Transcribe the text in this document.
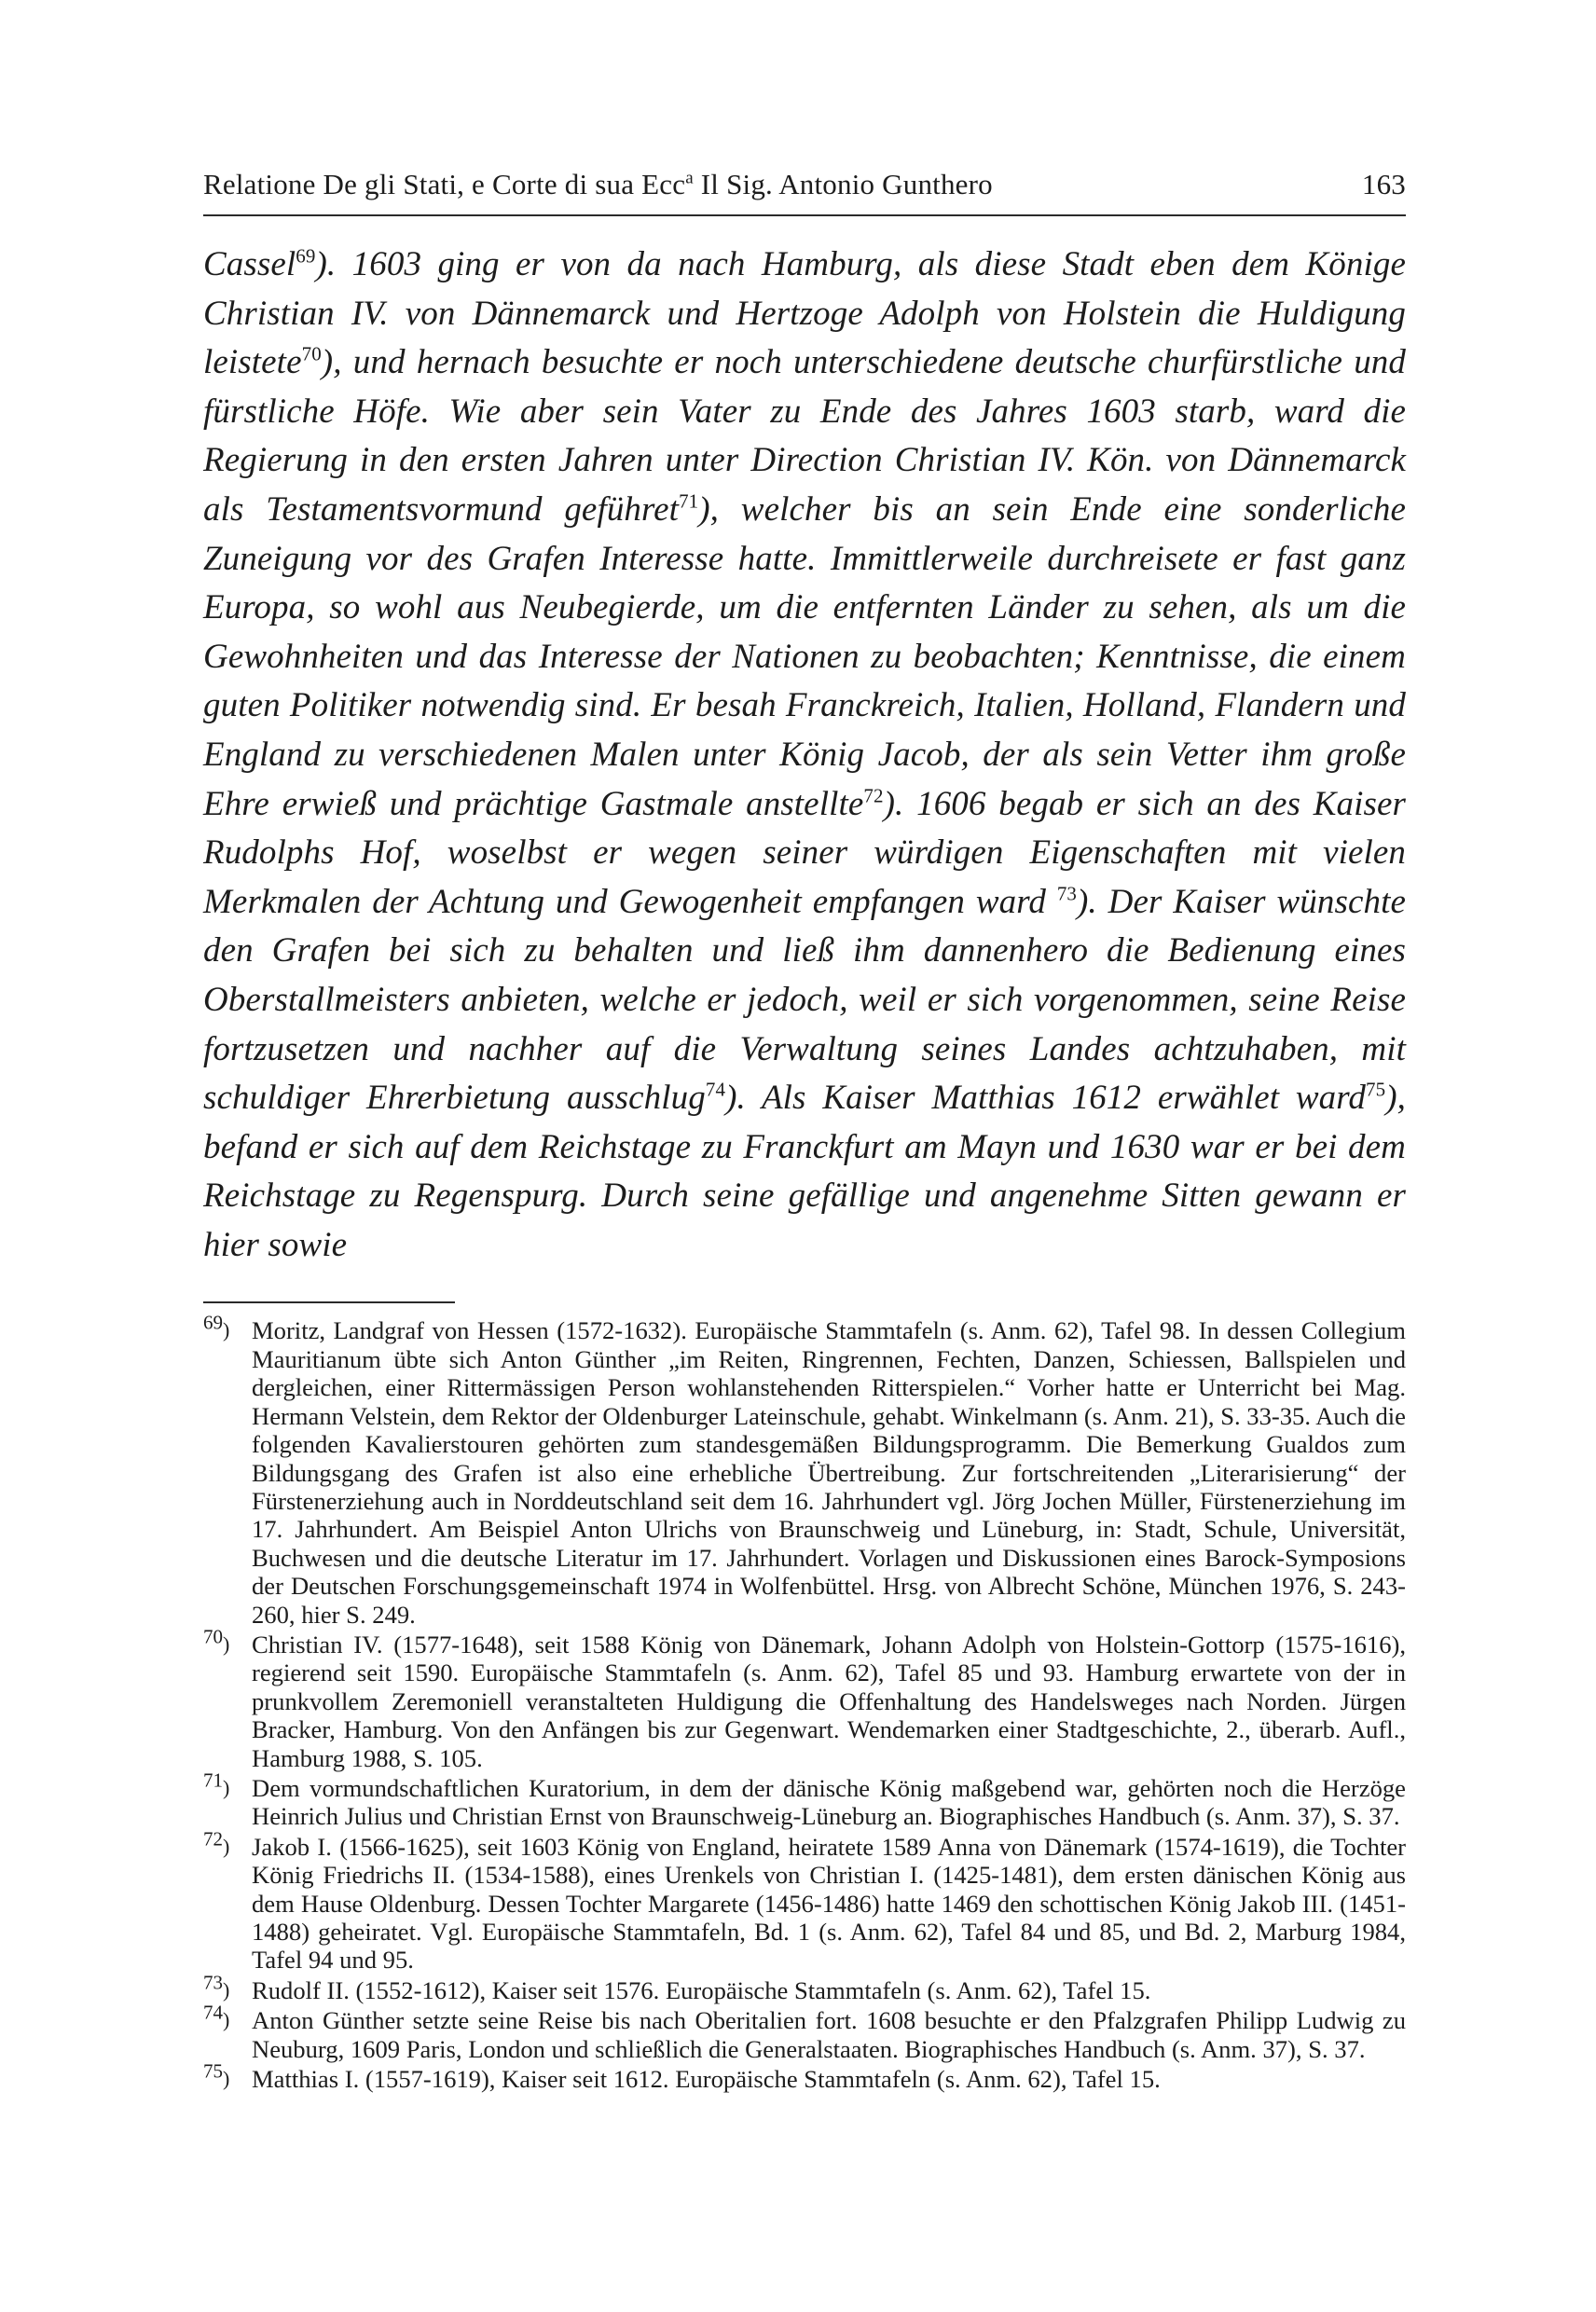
Relatione De gli Stati, e Corte di sua Ecc$^a$ Il Sig. Antonio Gunthero	163

Cassel$^{69}$). 1603 ging er von da nach Hamburg, als diese Stadt eben dem Könige Christian IV. von Dännemarck und Hertzoge Adolph von Holstein die Huldigung leistete$^{70}$), und hernach besuchte er noch unterschiedene deutsche churfürstliche und fürstliche Höfe. Wie aber sein Vater zu Ende des Jahres 1603 starb, ward die Regierung in den ersten Jahren unter Direction Christian IV. Kön. von Dännemarck als Testamentsvormund geführet$^{71}$), welcher bis an sein Ende eine sonderliche Zuneigung vor des Grafen Interesse hatte. Immittlerweile durchreisete er fast ganz Europa, so wohl aus Neubegierde, um die entfernten Länder zu sehen, als um die Gewohnheiten und das Interesse der Nationen zu beobachten; Kenntnisse, die einem guten Politiker notwendig sind. Er besah Franckreich, Italien, Holland, Flandern und England zu verschiedenen Malen unter König Jacob, der als sein Vetter ihm große Ehre erwieß und prächtige Gastmale anstellte$^{72}$). 1606 begab er sich an des Kaiser Rudolphs Hof, woselbst er wegen seiner würdigen Eigenschaften mit vielen Merkmalen der Achtung und Gewogenheit empfangen ward $^{73}$). Der Kaiser wünschte den Grafen bei sich zu behalten und ließ ihm dannenhero die Bedienung eines Oberstallmeisters anbieten, welche er jedoch, weil er sich vorgenommen, seine Reise fortzusetzen und nachher auf die Verwaltung seines Landes achtzuhaben, mit schuldiger Ehrerbietung ausschlug$^{74}$). Als Kaiser Matthias 1612 erwählet ward$^{75}$), befand er sich auf dem Reichstage zu Franckfurt am Mayn und 1630 war er bei dem Reichstage zu Regenspurg. Durch seine gefällige und angenehme Sitten gewann er hier sowie

$^{69}$) Moritz, Landgraf von Hessen (1572-1632). Europäische Stammtafeln (s. Anm. 62), Tafel 98. In dessen Collegium Mauritianum übte sich Anton Günther „im Reiten, Ringrennen, Fechten, Danzen, Schiessen, Ballspielen und dergleichen, einer Rittermässigen Person wohlanstehenden Ritterspielen.“ Vorher hatte er Unterricht bei Mag. Hermann Velstein, dem Rektor der Oldenburger Lateinschule, gehabt. Winkelmann (s. Anm. 21), S. 33-35. Auch die folgenden Kavalierstouren gehörten zum standesgemäßen Bildungsprogramm. Die Bemerkung Gualdos zum Bildungsgang des Grafen ist also eine erhebliche Übertreibung. Zur fortschreitenden „Literarisierung“ der Fürstenerziehung auch in Norddeutschland seit dem 16. Jahrhundert vgl. Jörg Jochen Müller, Fürstenerziehung im 17. Jahrhundert. Am Beispiel Anton Ulrichs von Braunschweig und Lüneburg, in: Stadt, Schule, Universität, Buchwesen und die deutsche Literatur im 17. Jahrhundert. Vorlagen und Diskussionen eines Barock-Symposions der Deutschen Forschungsgemeinschaft 1974 in Wolfenbüttel. Hrsg. von Albrecht Schöne, München 1976, S. 243-260, hier S. 249.
$^{70}$) Christian IV. (1577-1648), seit 1588 König von Dänemark, Johann Adolph von Holstein-Gottorp (1575-1616), regierend seit 1590. Europäische Stammtafeln (s. Anm. 62), Tafel 85 und 93. Hamburg erwartete von der in prunkvollem Zeremoniell veranstalteten Huldigung die Offenhaltung des Handelsweges nach Norden. Jürgen Bracker, Hamburg. Von den Anfängen bis zur Gegenwart. Wendemarken einer Stadtgeschichte, 2., überarb. Aufl., Hamburg 1988, S. 105.
$^{71}$) Dem vormundschaftlichen Kuratorium, in dem der dänische König maßgebend war, gehörten noch die Herzöge Heinrich Julius und Christian Ernst von Braunschweig-Lüneburg an. Biographisches Handbuch (s. Anm. 37), S. 37.
$^{72}$) Jakob I. (1566-1625), seit 1603 König von England, heiratete 1589 Anna von Dänemark (1574-1619), die Tochter König Friedrichs II. (1534-1588), eines Urenkels von Christian I. (1425-1481), dem ersten dänischen König aus dem Hause Oldenburg. Dessen Tochter Margarete (1456-1486) hatte 1469 den schottischen König Jakob III. (1451-1488) geheiratet. Vgl. Europäische Stammtafeln, Bd. 1 (s. Anm. 62), Tafel 84 und 85, und Bd. 2, Marburg 1984, Tafel 94 und 95.
$^{73}$) Rudolf II. (1552-1612), Kaiser seit 1576. Europäische Stammtafeln (s. Anm. 62), Tafel 15.
$^{74}$) Anton Günther setzte seine Reise bis nach Oberitalien fort. 1608 besuchte er den Pfalzgrafen Philipp Ludwig zu Neuburg, 1609 Paris, London und schließlich die Generalstaaten. Biographisches Handbuch (s. Anm. 37), S. 37.
$^{75}$) Matthias I. (1557-1619), Kaiser seit 1612. Europäische Stammtafeln (s. Anm. 62), Tafel 15.
